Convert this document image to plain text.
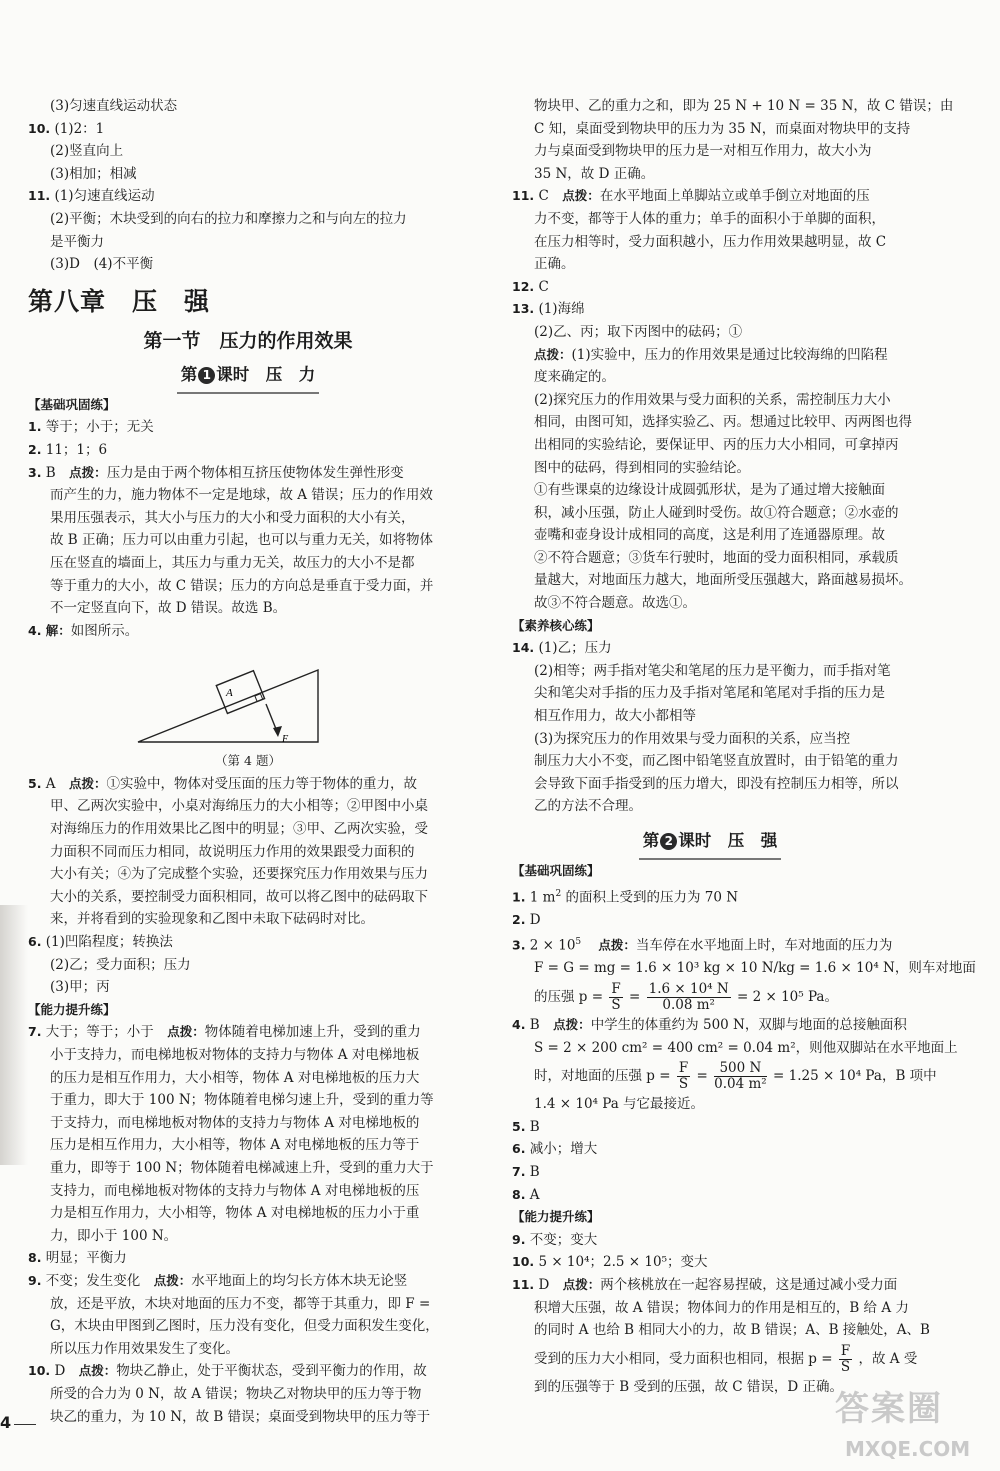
(3)匀速直线运动状态
10. (1)2：1
(2)竖直向上
(3)相加；相减
11. (1)匀速直线运动
(2)平衡；木块受到的向右的拉力和摩擦力之和与向左的拉力
是平衡力
(3)D　(4)不平衡
第八章　压　强
第一节　压力的作用效果
第 1 课时　压　力
【基础巩固练】
1. 等于；小于；无关
2. 11；1；6
3. B　点拨：压力是由于两个物体相互挤压使物体发生弹性形变
而产生的力，施力物体不一定是地球，故 A 错误；压力的作用效
果用压强表示，其大小与压力的大小和受力面积的大小有关，
故 B 正确；压力可以由重力引起，也可以与重力无关，如将物体
压在竖直的墙面上，其压力与重力无关，故压力的大小不是都
等于重力的大小，故 C 错误；压力的方向总是垂直于受力面，并
不一定竖直向下，故 D 错误。故选 B。
4. 解：如图所示。
A
F
（第 4 题）
5. A　点拨：①实验中，物体对受压面的压力等于物体的重力，故
甲、乙两次实验中，小桌对海绵压力的大小相等；②甲图中小桌
对海绵压力的作用效果比乙图中的明显；③甲、乙两次实验，受
力面积不同而压力相同，故说明压力作用的效果跟受力面积的
大小有关；④为了完成整个实验，还要探究压力作用效果与压力
大小的关系，要控制受力面积相同，故可以将乙图中的砝码取下
来，并将看到的实验现象和乙图中未取下砝码时对比。
6. (1)凹陷程度；转换法
(2)乙；受力面积；压力
(3)甲；丙
【能力提升练】
7. 大于；等于；小于　点拨：物体随着电梯加速上升，受到的重力
小于支持力，而电梯地板对物体的支持力与物体 A 对电梯地板
的压力是相互作用力，大小相等，物体 A 对电梯地板的压力大
于重力，即大于 100 N；物体随着电梯匀速上升，受到的重力等
于支持力，而电梯地板对物体的支持力与物体 A 对电梯地板的
压力是相互作用力，大小相等，物体 A 对电梯地板的压力等于
重力，即等于 100 N；物体随着电梯减速上升，受到的重力大于
支持力，而电梯地板对物体的支持力与物体 A 对电梯地板的压
力是相互作用力，大小相等，物体 A 对电梯地板的压力小于重
力，即小于 100 N。
8. 明显；平衡力
9. 不变；发生变化　点拨：水平地面上的均匀长方体木块无论竖
放，还是平放，木块对地面的压力不变，都等于其重力，即 F =
G，木块由甲图到乙图时，压力没有变化，但受力面积发生变化，
所以压力作用效果发生了变化。
10. D　点拨：物块乙静止，处于平衡状态，受到平衡力的作用，故
所受的合力为 0 N，故 A 错误；物块乙对物块甲的压力等于物
块乙的重力，为 10 N，故 B 错误；桌面受到物块甲的压力等于
物块甲、乙的重力之和，即为 25 N + 10 N = 35 N，故 C 错误；由
C 知，桌面受到物块甲的压力为 35 N，而桌面对物块甲的支持
力与桌面受到物块甲的压力是一对相互作用力，故大小为
35 N，故 D 正确。
11. C　点拨：在水平地面上单脚站立或单手倒立对地面的压
力不变，都等于人体的重力；单手的面积小于单脚的面积，
在压力相等时，受力面积越小，压力作用效果越明显，故 C
正确。
12. C
13. (1)海绵
(2)乙、丙；取下丙图中的砝码；①
点拨：(1)实验中，压力的作用效果是通过比较海绵的凹陷程
度来确定的。
(2)探究压力的作用效果与受力面积的关系，需控制压力大小
相同，由图可知，选择实验乙、丙。想通过比较甲、丙两图也得
出相同的实验结论，要保证甲、丙的压力大小相同，可拿掉丙
图中的砝码，得到相同的实验结论。
①有些课桌的边缘设计成圆弧形状，是为了通过增大接触面
积，减小压强，防止人碰到时受伤。故①符合题意；②水壶的
壶嘴和壶身设计成相同的高度，这是利用了连通器原理。故
②不符合题意；③货车行驶时，地面的受力面积相同，承载质
量越大，对地面压力越大，地面所受压强越大，路面越易损坏。
故③不符合题意。故选①。
【素养核心练】
14. (1)乙；压力
(2)相等；两手指对笔尖和笔尾的压力是平衡力，而手指对笔
尖和笔尖对手指的压力及手指对笔尾和笔尾对手指的压力是
相互作用力，故大小都相等
(3)为探究压力的作用效果与受力面积的关系，应当控
制压力大小不变，而乙图中铅笔竖直放置时，由于铅笔的重力
会导致下面手指受到的压力增大，即没有控制压力相等，所以
乙的方法不合理。
第 2 课时　压　强
【基础巩固练】
1. 1 $m^2$ 的面积上受到的压力为 70 N
2. D
3. $2 \times 10^5$ 点拨：当车停在水平地面上时，车对地面的压力为
F = G = mg = 1.6 × 10³ kg × 10 N/kg = 1.6 × 10⁴ N，则车对地面
的压强 $p = \frac{F}{S} = \frac{\text{1.6 × 10⁴ N}}{\text{0.08 m²}} = 2 \times 10^5$ Pa。
4. B　点拨：中学生的体重约为 500 N，双脚与地面的总接触面积
S = 2 × 200 cm² = 400 cm² = 0.04 m²，则他双脚站在水平地面上
时，对地面的压强 $p = \frac{F}{S} = \frac{500 N}{\text{0.04 m²}} = 1.25 \times 10^4$ Pa，B 项中
1.4 × 10⁴ Pa 与它最接近。
5. B
6. 减小；增大
7. B
8. A
【能力提升练】
9. 不变；变大
10. 5 × 10⁴；2.5 × 10⁵；变大
11. D　点拨：两个核桃放在一起容易捏破，这是通过减小受力面
积增大压强，故 A 错误；物体间力的作用是相互的，B 给 A 力
的同时 A 也给 B 相同大小的力，故 B 错误；A、B 接触处，A、B
受到的压力大小相同，受力面积也相同，根据 $p = \frac{F}{S}$ ，故 A 受
到的压强等于 B 受到的压强，故 C 错误，D 正确。
4	答案圈
MXQE.COM
